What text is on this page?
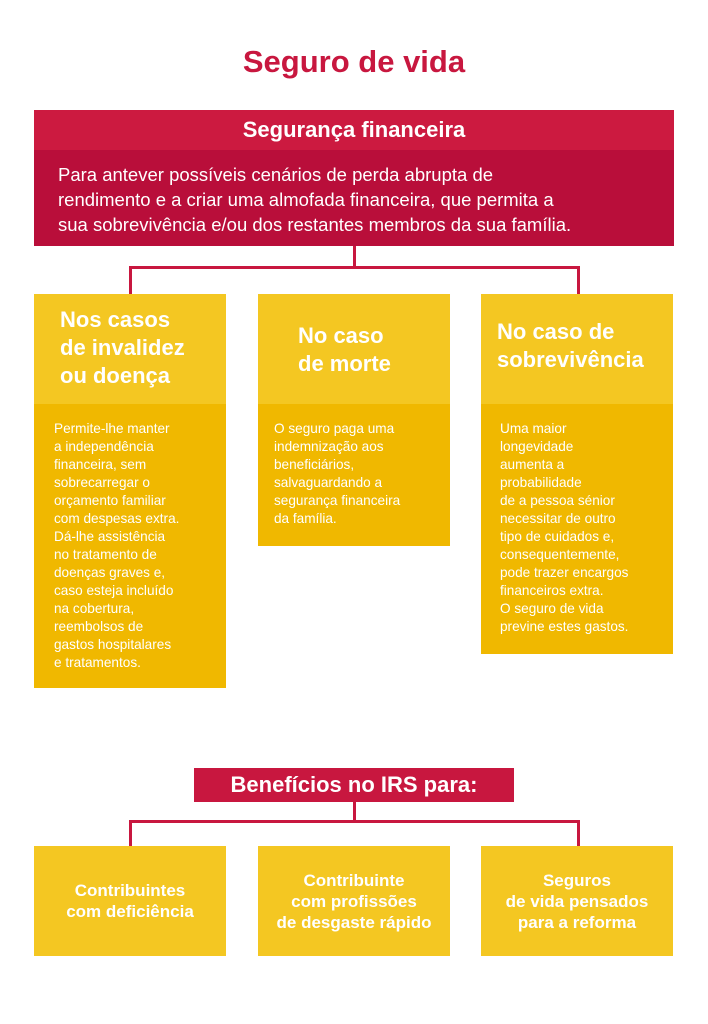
Seguro de vida
Segurança financeira
Para antever possíveis cenários de perda abrupta de
rendimento e a criar uma almofada financeira, que permita a
sua sobrevivência e/ou dos restantes membros da sua família.
Nos casos
de invalidez
ou doença
Permite-lhe manter
a independência
financeira, sem
sobrecarregar o
orçamento familiar
com despesas extra.
Dá-lhe assistência
no tratamento de
doenças graves e,
caso esteja incluído
na cobertura,
reembolsos de
gastos hospitalares
e tratamentos.
No caso
de morte
O seguro paga uma
indemnização aos
beneficiários,
salvaguardando a
segurança financeira
da família.
No caso de
sobrevivência
Uma maior
longevidade
aumenta a
probabilidade
de a pessoa sénior
necessitar de outro
tipo de cuidados e,
consequentemente,
pode trazer encargos
financeiros extra.
O seguro de vida
previne estes gastos.
Benefícios no IRS para:
Contribuintes
com deficiência
Contribuinte
com profissões
de desgaste rápido
Seguros
de vida pensados
para a reforma
